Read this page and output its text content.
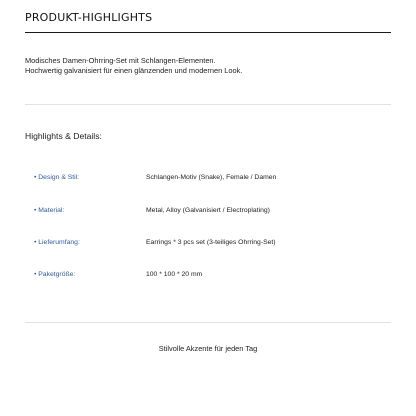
PRODUKT-HIGHLIGHTS
Modisches Damen-Ohrring-Set mit Schlangen-Elementen.
Hochwertig galvanisiert für einen glänzenden und modernen Look.
Highlights & Details:
• Design & Stil:	Schlangen-Motiv (Snake), Female / Damen
• Material:	Metal, Alloy (Galvanisiert / Electroplating)
• Lieferumfang:	Earrings * 3 pcs set (3-teiliges Ohrring-Set)
• Paketgröße:	100 * 100 * 20 mm
Stilvolle Akzente für jeden Tag
